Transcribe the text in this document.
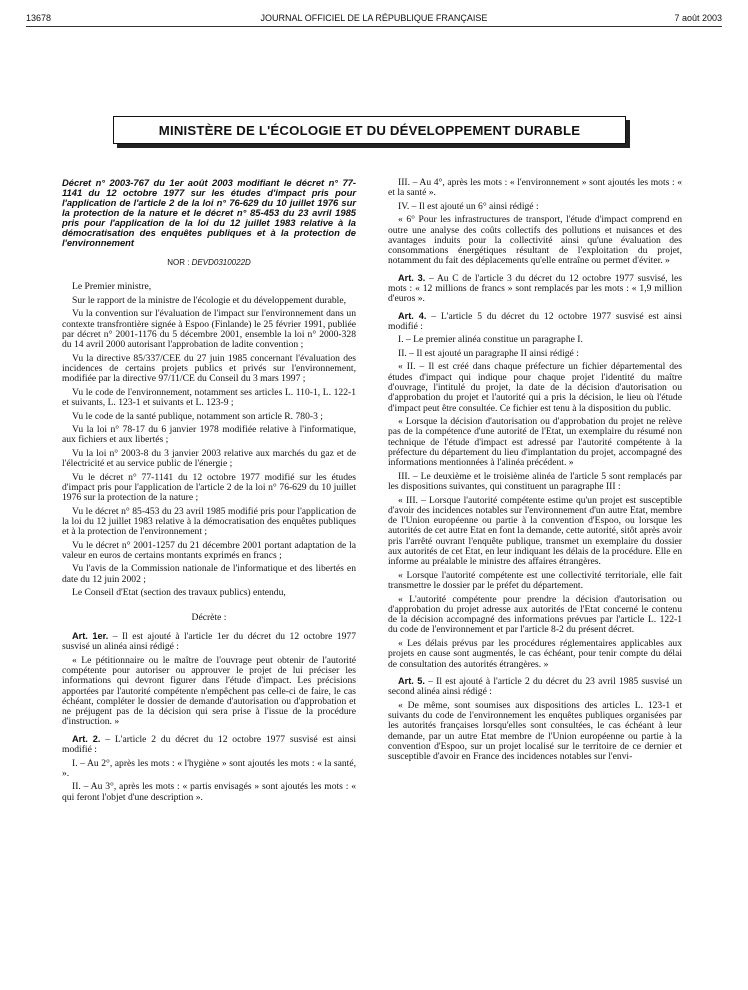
13678	JOURNAL OFFICIEL DE LA RÉPUBLIQUE FRANÇAISE	7 août 2003
MINISTÈRE DE L'ÉCOLOGIE ET DU DÉVELOPPEMENT DURABLE

Décret n° 2003-767 du 1er août 2003 modifiant le décret n° 77-1141 du 12 octobre 1977 sur les études d'impact pris pour l'application de l'article 2 de la loi n° 76-629 du 10 juillet 1976 sur la protection de la nature et le décret n° 85-453 du 23 avril 1985 pris pour l'application de la loi du 12 juillet 1983 relative à la démocratisation des enquêtes publiques et à la protection de l'environnement

NOR : DEVD0310022D

Le Premier ministre,

Sur le rapport de la ministre de l'écologie et du développement durable,

Vu la convention sur l'évaluation de l'impact sur l'environnement dans un contexte transfrontière signée à Espoo (Finlande) le 25 février 1991, publiée par décret n° 2001-1176 du 5 décembre 2001, ensemble la loi n° 2000-328 du 14 avril 2000 autorisant l'approbation de ladite convention ;

Vu la directive 85/337/CEE du 27 juin 1985 concernant l'évaluation des incidences de certains projets publics et privés sur l'environnement, modifiée par la directive 97/11/CE du Conseil du 3 mars 1997 ;

Vu le code de l'environnement, notamment ses articles L. 110-1, L. 122-1 et suivants, L. 123-1 et suivants et L. 123-9 ;

Vu le code de la santé publique, notamment son article R. 780-3 ;

Vu la loi n° 78-17 du 6 janvier 1978 modifiée relative à l'informatique, aux fichiers et aux libertés ;

Vu la loi n° 2003-8 du 3 janvier 2003 relative aux marchés du gaz et de l'électricité et au service public de l'énergie ;

Vu le décret n° 77-1141 du 12 octobre 1977 modifié sur les études d'impact pris pour l'application de l'article 2 de la loi n° 76-629 du 10 juillet 1976 sur la protection de la nature ;

Vu le décret n° 85-453 du 23 avril 1985 modifié pris pour l'application de la loi du 12 juillet 1983 relative à la démocratisation des enquêtes publiques et à la protection de l'environnement ;

Vu le décret n° 2001-1257 du 21 décembre 2001 portant adaptation de la valeur en euros de certains montants exprimés en francs ;

Vu l'avis de la Commission nationale de l'informatique et des libertés en date du 12 juin 2002 ;

Le Conseil d'Etat (section des travaux publics) entendu,

Décrète :

Art. 1er. – Il est ajouté à l'article 1er du décret du 12 octobre 1977 susvisé un alinéa ainsi rédigé :

« Le pétitionnaire ou le maître de l'ouvrage peut obtenir de l'autorité compétente pour autoriser ou approuver le projet de lui préciser les informations qui devront figurer dans l'étude d'impact. Les précisions apportées par l'autorité compétente n'empêchent pas celle-ci de faire, le cas échéant, compléter le dossier de demande d'autorisation ou d'approbation et ne préjugent pas de la décision qui sera prise à l'issue de la procédure d'instruction. »

Art. 2. – L'article 2 du décret du 12 octobre 1977 susvisé est ainsi modifié :

I. – Au 2°, après les mots : « l'hygiène » sont ajoutés les mots : « la santé, ».

II. – Au 3°, après les mots : « partis envisagés » sont ajoutés les mots : « qui feront l'objet d'une description ».

III. – Au 4°, après les mots : « l'environnement » sont ajoutés les mots : « et la santé ».

IV. – Il est ajouté un 6° ainsi rédigé :

« 6° Pour les infrastructures de transport, l'étude d'impact comprend en outre une analyse des coûts collectifs des pollutions et nuisances et des avantages induits pour la collectivité ainsi qu'une évaluation des consommations énergétiques résultant de l'exploitation du projet, notamment du fait des déplacements qu'elle entraîne ou permet d'éviter. »

Art. 3. – Au C de l'article 3 du décret du 12 octobre 1977 susvisé, les mots : « 12 millions de francs » sont remplacés par les mots : « 1,9 million d'euros ».

Art. 4. – L'article 5 du décret du 12 octobre 1977 susvisé est ainsi modifié :

I. – Le premier alinéa constitue un paragraphe I.

II. – Il est ajouté un paragraphe II ainsi rédigé :

« II. – Il est créé dans chaque préfecture un fichier départemental des études d'impact qui indique pour chaque projet l'identité du maître d'ouvrage, l'intitulé du projet, la date de la décision d'autorisation ou d'approbation du projet et l'autorité qui a pris la décision, le lieu où l'étude d'impact peut être consultée. Ce fichier est tenu à la disposition du public.

« Lorsque la décision d'autorisation ou d'approbation du projet ne relève pas de la compétence d'une autorité de l'Etat, un exemplaire du résumé non technique de l'étude d'impact est adressé par l'autorité compétente à la préfecture du département du lieu d'implantation du projet, accompagné des informations mentionnées à l'alinéa précédent. »

III. – Le deuxième et le troisième alinéa de l'article 5 sont remplacés par les dispositions suivantes, qui constituent un paragraphe III :

« III. – Lorsque l'autorité compétente estime qu'un projet est susceptible d'avoir des incidences notables sur l'environnement d'un autre Etat, membre de l'Union européenne ou partie à la convention d'Espoo, ou lorsque les autorités de cet autre Etat en font la demande, cette autorité, sitôt après avoir pris l'arrêté ouvrant l'enquête publique, transmet un exemplaire du dossier aux autorités de cet Etat, en leur indiquant les délais de la procédure. Elle en informe au préalable le ministre des affaires étrangères.

« Lorsque l'autorité compétente est une collectivité territoriale, elle fait transmettre le dossier par le préfet du département.

« L'autorité compétente pour prendre la décision d'autorisation ou d'approbation du projet adresse aux autorités de l'Etat concerné le contenu de la décision accompagné des informations prévues par l'article L. 122-1 du code de l'environnement et par l'article 8-2 du présent décret.

« Les délais prévus par les procédures réglementaires applicables aux projets en cause sont augmentés, le cas échéant, pour tenir compte du délai de consultation des autorités étrangères. »

Art. 5. – Il est ajouté à l'article 2 du décret du 23 avril 1985 susvisé un second alinéa ainsi rédigé :

« De même, sont soumises aux dispositions des articles L. 123-1 et suivants du code de l'environnement les enquêtes publiques organisées par les autorités françaises lorsqu'elles sont consultées, le cas échéant à leur demande, par un autre Etat membre de l'Union européenne ou partie à la convention d'Espoo, sur un projet localisé sur le territoire de ce dernier et susceptible d'avoir en France des incidences notables sur l'envi-
